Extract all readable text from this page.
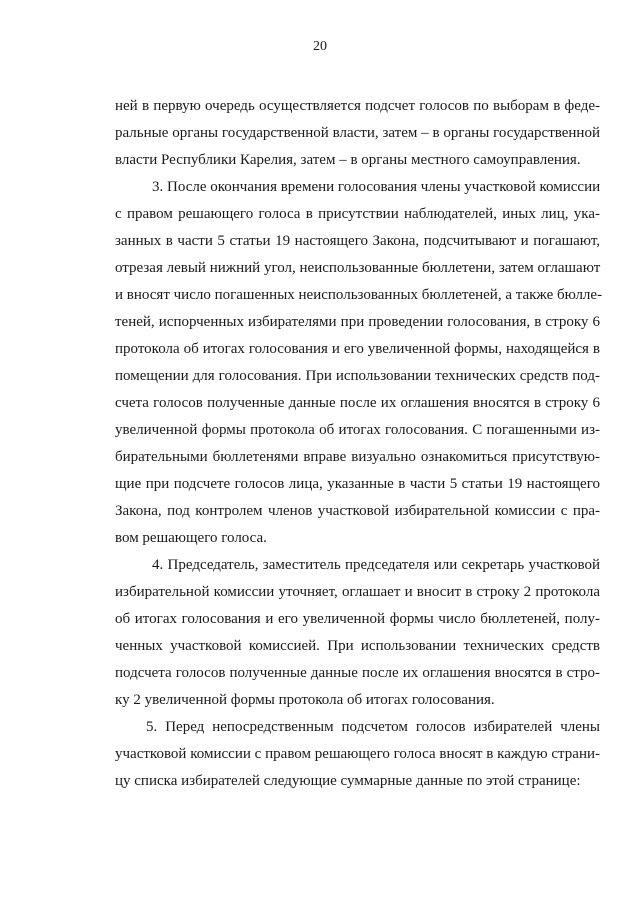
20
ней в первую очередь осуществляется подсчет голосов по выборам в феде-
ральные органы государственной власти, затем – в органы государственной
власти Республики Карелия, затем – в органы местного самоуправления.
3. После окончания времени голосования члены участковой комиссии
с правом решающего голоса в присутствии наблюдателей, иных лиц, ука-
занных в части 5 статьи 19 настоящего Закона, подсчитывают и погашают,
отрезая левый нижний угол, неиспользованные бюллетени, затем оглашают
и вносят число погашенных неиспользованных бюллетеней, а также бюлле-
теней, испорченных избирателями при проведении голосования, в строку 6
протокола об итогах голосования и его увеличенной формы, находящейся в
помещении для голосования. При использовании технических средств под-
счета голосов полученные данные после их оглашения вносятся в строку 6
увеличенной формы протокола об итогах голосования. С погашенными из-
бирательными бюллетенями вправе визуально ознакомиться присутствую-
щие при подсчете голосов лица, указанные в части 5 статьи 19 настоящего
Закона, под контролем членов участковой избирательной комиссии с пра-
вом решающего голоса.
4. Председатель, заместитель председателя или секретарь участковой
избирательной комиссии уточняет, оглашает и вносит в строку 2 протокола
об итогах голосования и его увеличенной формы число бюллетеней, полу-
ченных участковой комиссией. При использовании технических средств
подсчета голосов полученные данные после их оглашения вносятся в стро-
ку 2 увеличенной формы протокола об итогах голосования.
5. Перед непосредственным подсчетом голосов избирателей члены
участковой комиссии с правом решающего голоса вносят в каждую страни-
цу списка избирателей следующие суммарные данные по этой странице:
